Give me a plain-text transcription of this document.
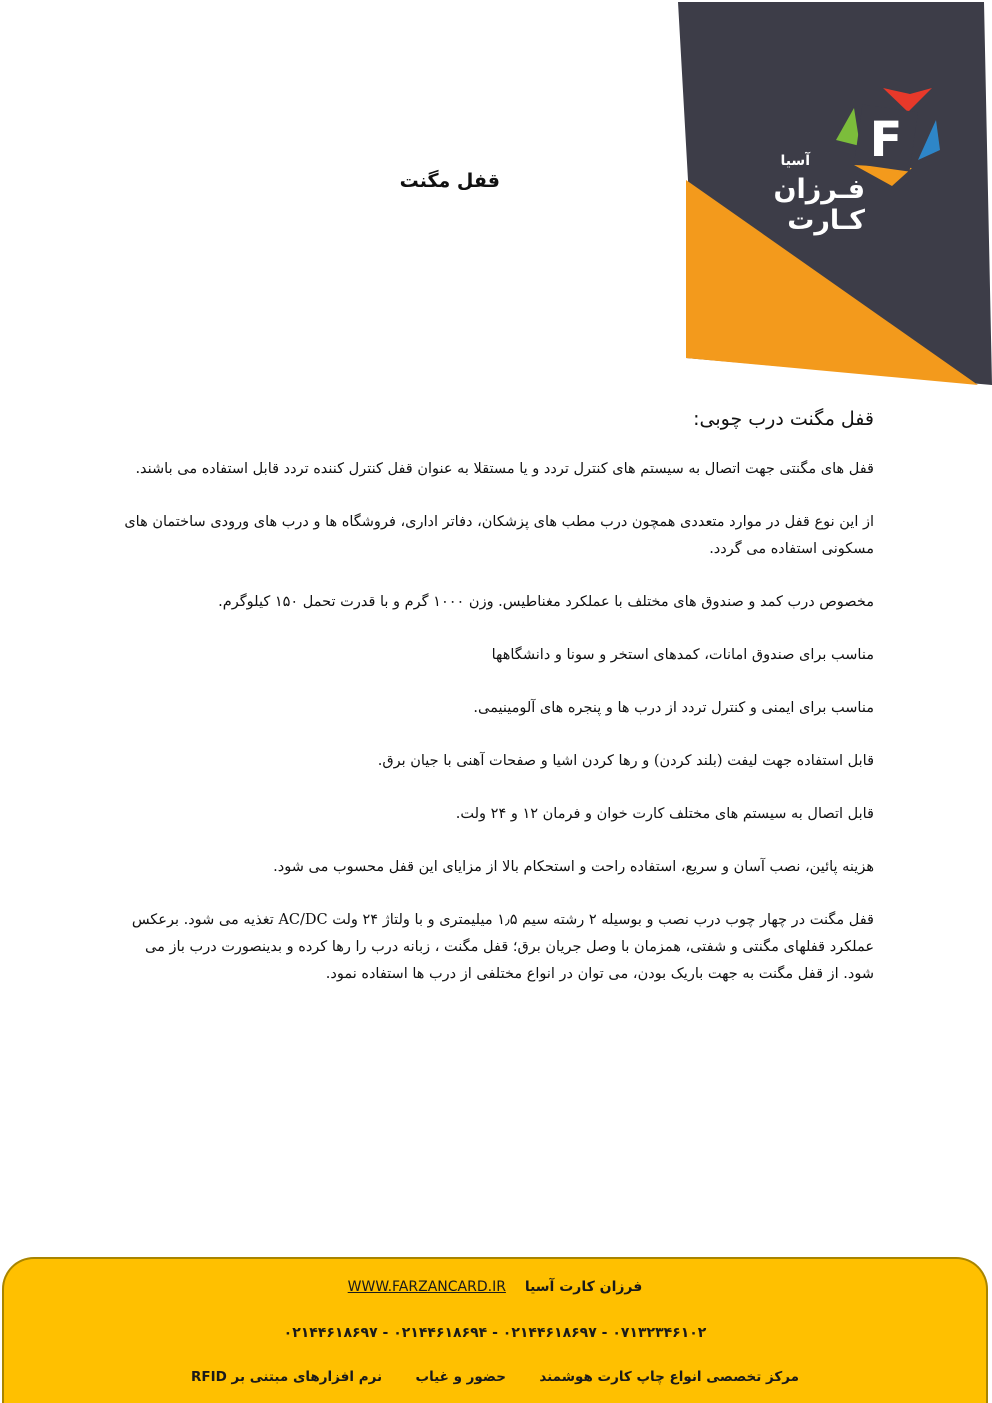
F
آسیا
فـرزان کـارت
قفل مگنت
قفل مگنت درب چوبی:

قفل های مگنتی جهت اتصال به سیستم های کنترل تردد و یا مستقلا به عنوان قفل کنترل کننده تردد قابل استفاده می باشند.

از این نوع قفل در موارد متعددی همچون درب مطب های پزشکان، دفاتر اداری، فروشگاه ها و درب های ورودی ساختمان های مسکونی استفاده می گردد.

مخصوص درب کمد و صندوق های مختلف با عملکرد مغناطیس. وزن ۱۰۰۰ گرم و با قدرت تحمل ۱۵۰ کیلوگرم.

مناسب برای صندوق امانات، کمدهای استخر و سونا و دانشگاهها

مناسب برای ایمنی و کنترل تردد از درب ها و پنجره های آلومینیمی.

قابل استفاده جهت لیفت (بلند کردن) و رها کردن اشیا و صفحات آهنی با جیان برق.

قابل اتصال به سیستم های مختلف کارت خوان و فرمان ۱۲ و ۲۴ ولت.

هزینه پائین، نصب آسان و سریع، استفاده راحت و استحکام بالا از مزایای این قفل محسوب می شود.

قفل مگنت در چهار چوب درب نصب و بوسیله ۲ رشته سیم ۱٫۵ میلیمتری و با ولتاژ ۲۴ ولت AC/DC تغذیه می شود. برعکس عملکرد قفلهای مگنتی و شفتی، همزمان با وصل جریان برق؛ قفل مگنت ، زبانه درب را رها کرده و بدینصورت درب باز می شود. از قفل مگنت به جهت باریک بودن، می توان در انواع مختلفی از درب ها استفاده نمود.

فرزان کارت آسیا WWW.FARZANCARD.IR
۰۷۱۳۲۳۴۶۱۰۲ - ۰۲۱۴۴۶۱۸۶۹۷ - ۰۲۱۴۴۶۱۸۶۹۴ - ۰۲۱۴۴۶۱۸۶۹۷
مرکز تخصصی انواع چاپ کارت هوشمند  حضور و غیاب  نرم افزارهای مبتنی بر RFID
